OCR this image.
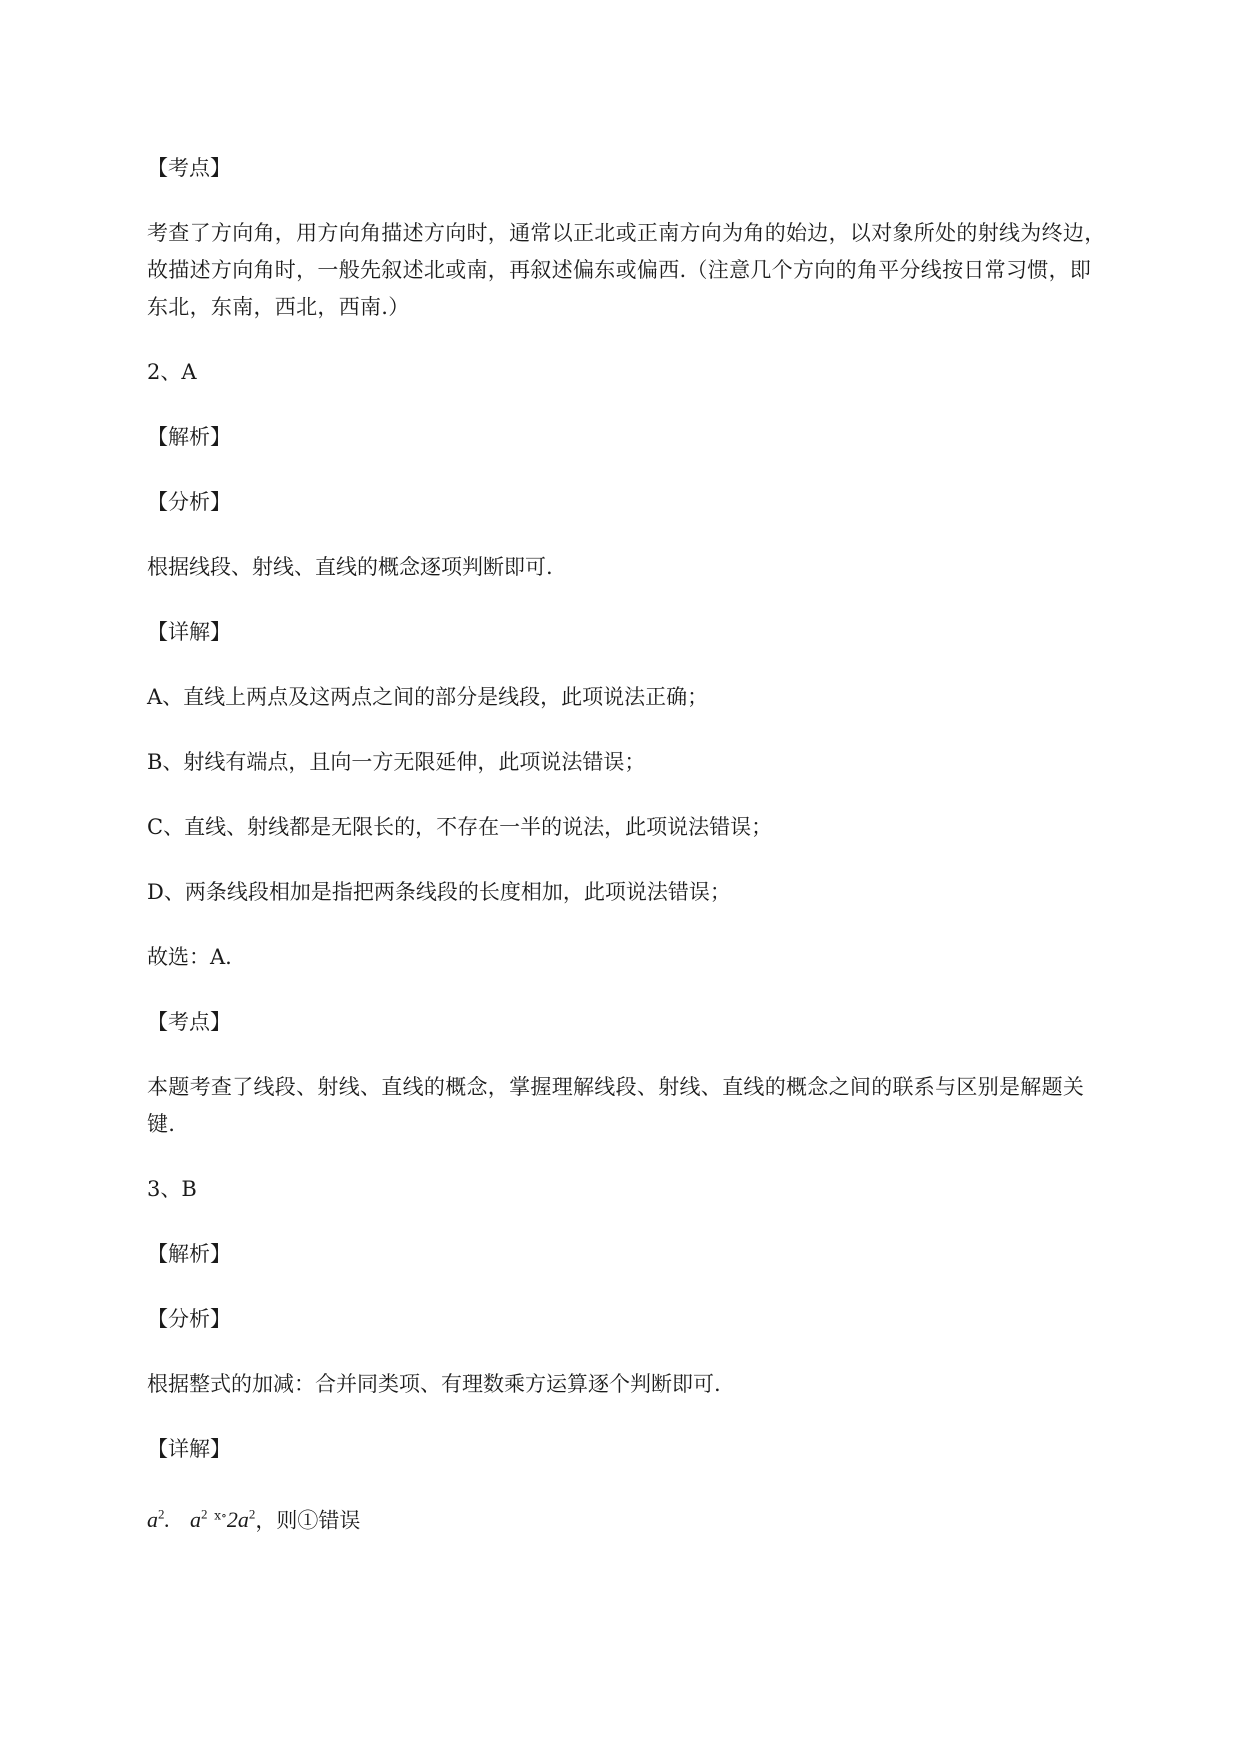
【考点】

考查了方向角，用方向角描述方向时，通常以正北或正南方向为角的始边，以对象所处的射线为终边，

故描述方向角时，一般先叙述北或南，再叙述偏东或偏西.（注意几个方向的角平分线按日常习惯，即

东北，东南，西北，西南.）

2、A

【解析】

【分析】

根据线段、射线、直线的概念逐项判断即可.

【详解】

A、直线上两点及这两点之间的部分是线段，此项说法正确；

B、射线有端点，且向一方无限延伸，此项说法错误；

C、直线、射线都是无限长的，不存在一半的说法，此项说法错误；

D、两条线段相加是指把两条线段的长度相加，此项说法错误；

故选：A.

【考点】

本题考查了线段、射线、直线的概念，掌握理解线段、射线、直线的概念之间的联系与区别是解题关

键.

3、B

【解析】

【分析】

根据整式的加减：合并同类项、有理数乘方运算逐个判断即可.

【详解】

$a^2$. $a^2$ $^{x\circ}2a^2$，则①错误
